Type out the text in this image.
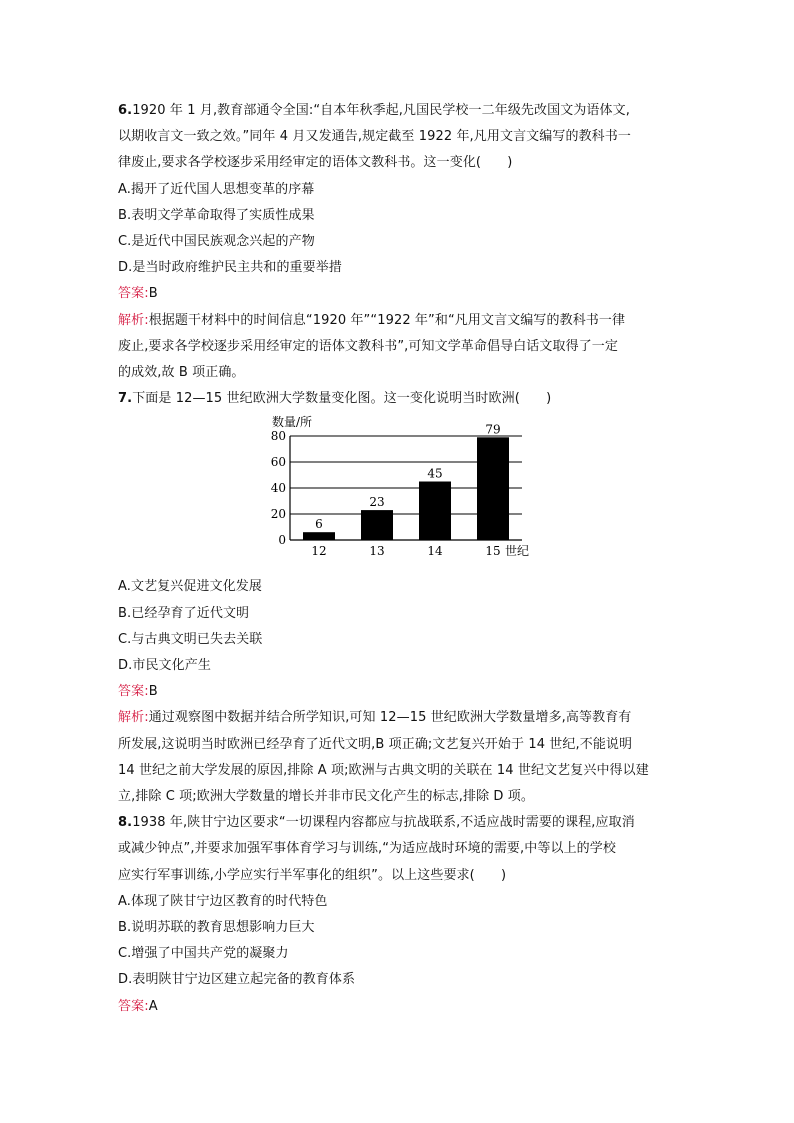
6.1920 年 1 月,教育部通令全国:“自本年秋季起,凡国民学校一二年级先改国文为语体文,
以期收言文一致之效。”同年 4 月又发通告,规定截至 1922 年,凡用文言文编写的教科书一
律废止,要求各学校逐步采用经审定的语体文教科书。这一变化(　　)
A.揭开了近代国人思想变革的序幕
B.表明文学革命取得了实质性成果
C.是近代中国民族观念兴起的产物
D.是当时政府维护民主共和的重要举措
答案:B
解析:根据题干材料中的时间信息“1920 年”“1922 年”和“凡用文言文编写的教科书一律
废止,要求各学校逐步采用经审定的语体文教科书”,可知文学革命倡导白话文取得了一定
的成效,故 B 项正确。
7.下面是 12—15 世纪欧洲大学数量变化图。这一变化说明当时欧洲(　　)
数量/所
0
20
40
60
80
6
12
23
13
45
14
79
15 世纪
A.文艺复兴促进文化发展
B.已经孕育了近代文明
C.与古典文明已失去关联
D.市民文化产生
答案:B
解析:通过观察图中数据并结合所学知识,可知 12—15 世纪欧洲大学数量增多,高等教育有
所发展,这说明当时欧洲已经孕育了近代文明,B 项正确;文艺复兴开始于 14 世纪,不能说明
14 世纪之前大学发展的原因,排除 A 项;欧洲与古典文明的关联在 14 世纪文艺复兴中得以建
立,排除 C 项;欧洲大学数量的增长并非市民文化产生的标志,排除 D 项。
8.1938 年,陕甘宁边区要求“一切课程内容都应与抗战联系,不适应战时需要的课程,应取消
或减少钟点”,并要求加强军事体育学习与训练,“为适应战时环境的需要,中等以上的学校
应实行军事训练,小学应实行半军事化的组织”。以上这些要求(　　)
A.体现了陕甘宁边区教育的时代特色
B.说明苏联的教育思想影响力巨大
C.增强了中国共产党的凝聚力
D.表明陕甘宁边区建立起完备的教育体系
答案:A
